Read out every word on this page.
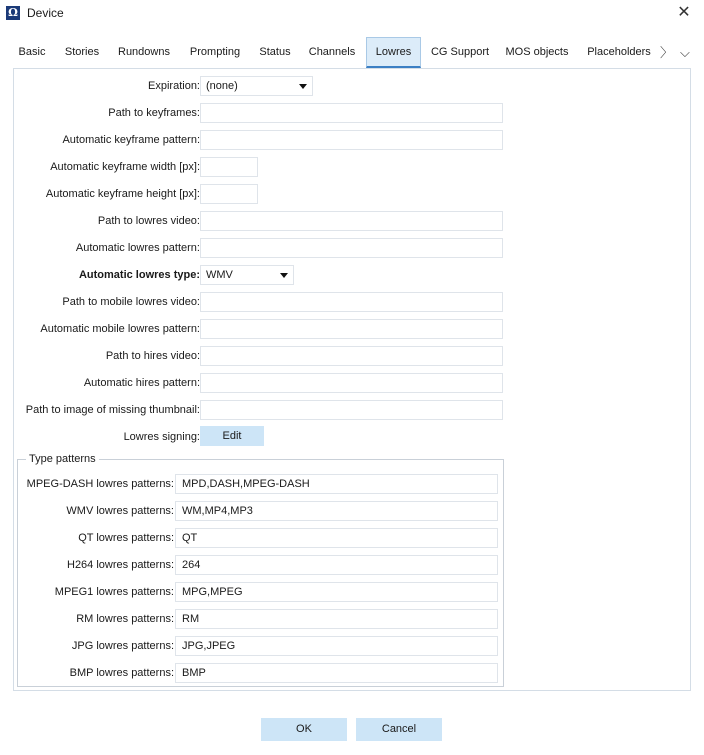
Ω Device	✕
Basic	Stories	Rundowns	Prompting	Status	Channels	Lowres	CG Support	MOS objects	Placeholders 〉 ⌵
Expiration: (none)
Path to keyframes:
Automatic keyframe pattern:
Automatic keyframe width [px]:
Automatic keyframe height [px]:
Path to lowres video:
Automatic lowres pattern:
Automatic lowres type: WMV
Path to mobile lowres video:
Automatic mobile lowres pattern:
Path to hires video:
Automatic hires pattern:
Path to image of missing thumbnail:
Lowres signing:	Edit
Type patterns
MPEG-DASH lowres patterns: MPD,DASH,MPEG-DASH
WMV lowres patterns: WM,MP4,MP3
QT lowres patterns: QT
H264 lowres patterns: 264
MPEG1 lowres patterns: MPG,MPEG
RM lowres patterns: RM
JPG lowres patterns: JPG,JPEG
BMP lowres patterns: BMP
OK	Cancel
